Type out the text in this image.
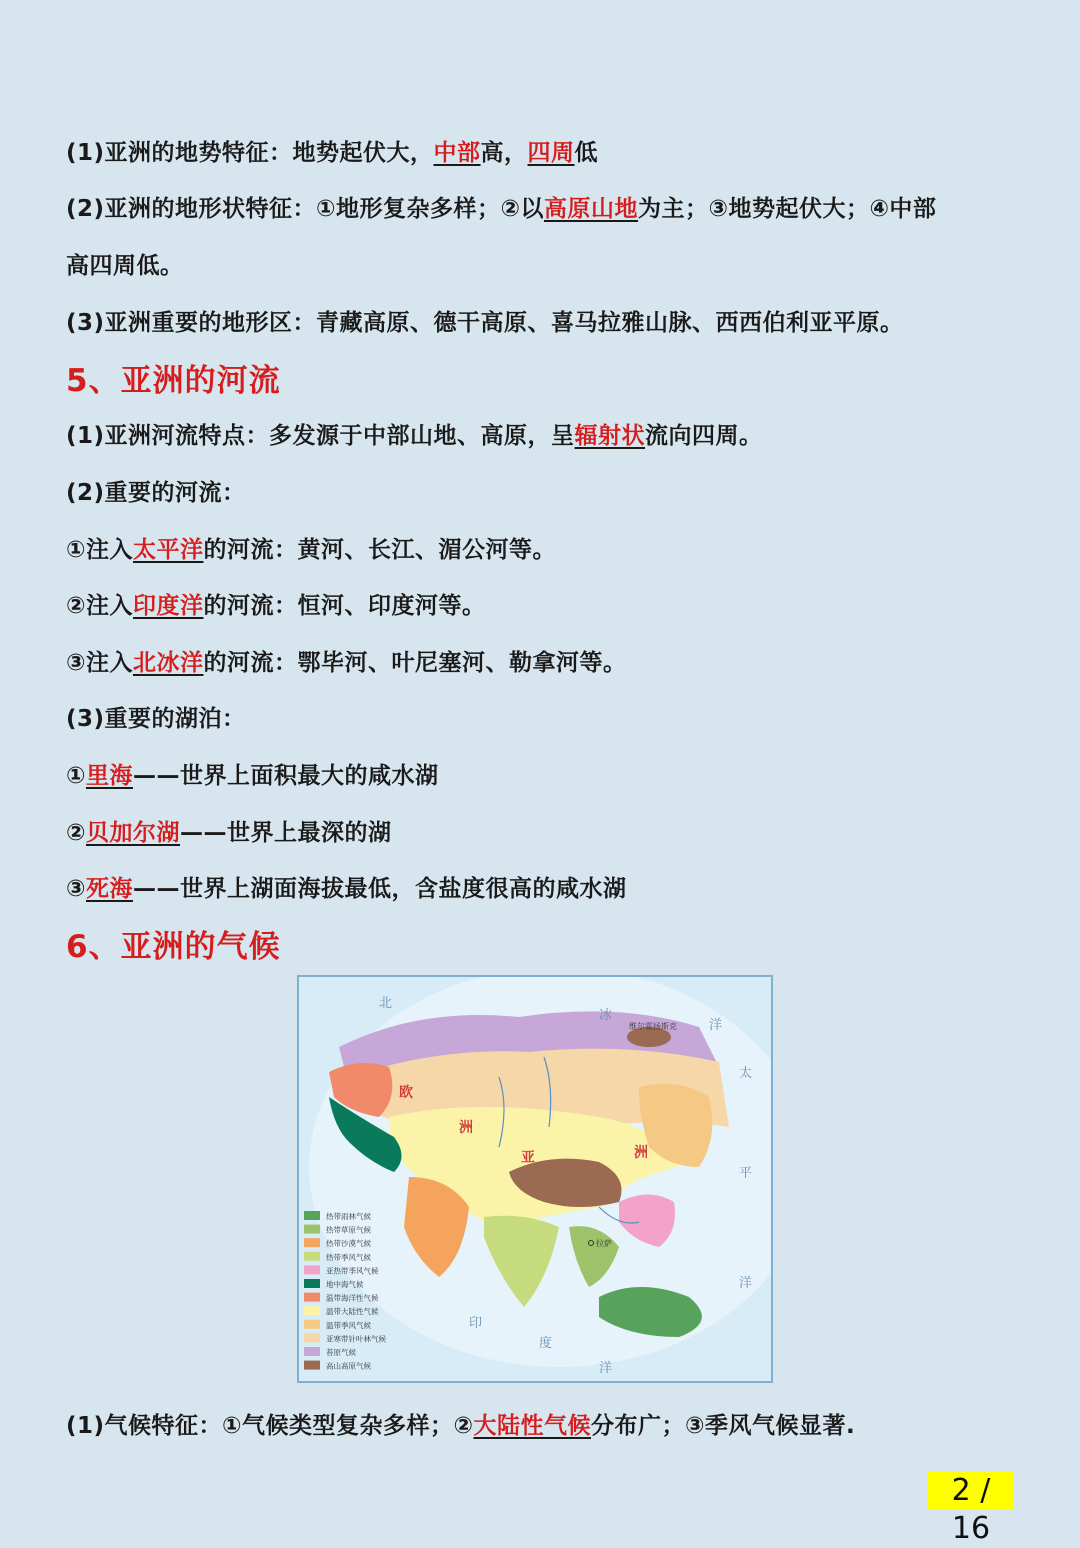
(1)亚洲的地势特征：地势起伏大，中部高，四周低
(2)亚洲的地形状特征：①地形复杂多样；②以高原山地为主；③地势起伏大；④中部
高四周低。
(3)亚洲重要的地形区：青藏高原、德干高原、喜马拉雅山脉、西西伯利亚平原。
5、亚洲的河流
(1)亚洲河流特点：多发源于中部山地、高原，呈辐射状流向四周。
(2)重要的河流：
①注入太平洋的河流：黄河、长江、湄公河等。
②注入印度洋的河流：恒河、印度河等。
③注入北冰洋的河流：鄂毕河、叶尼塞河、勒拿河等。
(3)重要的湖泊：
①里海——世界上面积最大的咸水湖
②贝加尔湖——世界上最深的湖
③死海——世界上湖面海拔最低，含盐度很高的咸水湖
6、亚洲的气候
北
冰
洋
太
平
洋
印
度
洋
欧
洲
亚	洲
维尔霍扬斯克
拉萨
热带雨林气候
热带草原气候
热带沙漠气候
热带季风气候
亚热带季风气候
地中海气候
温带海洋性气候
温带大陆性气候
温带季风气候
亚寒带针叶林气候
苔原气候
高山高原气候
(1)气候特征：①气候类型复杂多样；②大陆性气候分布广；③季风气候显著.
2 / 16
